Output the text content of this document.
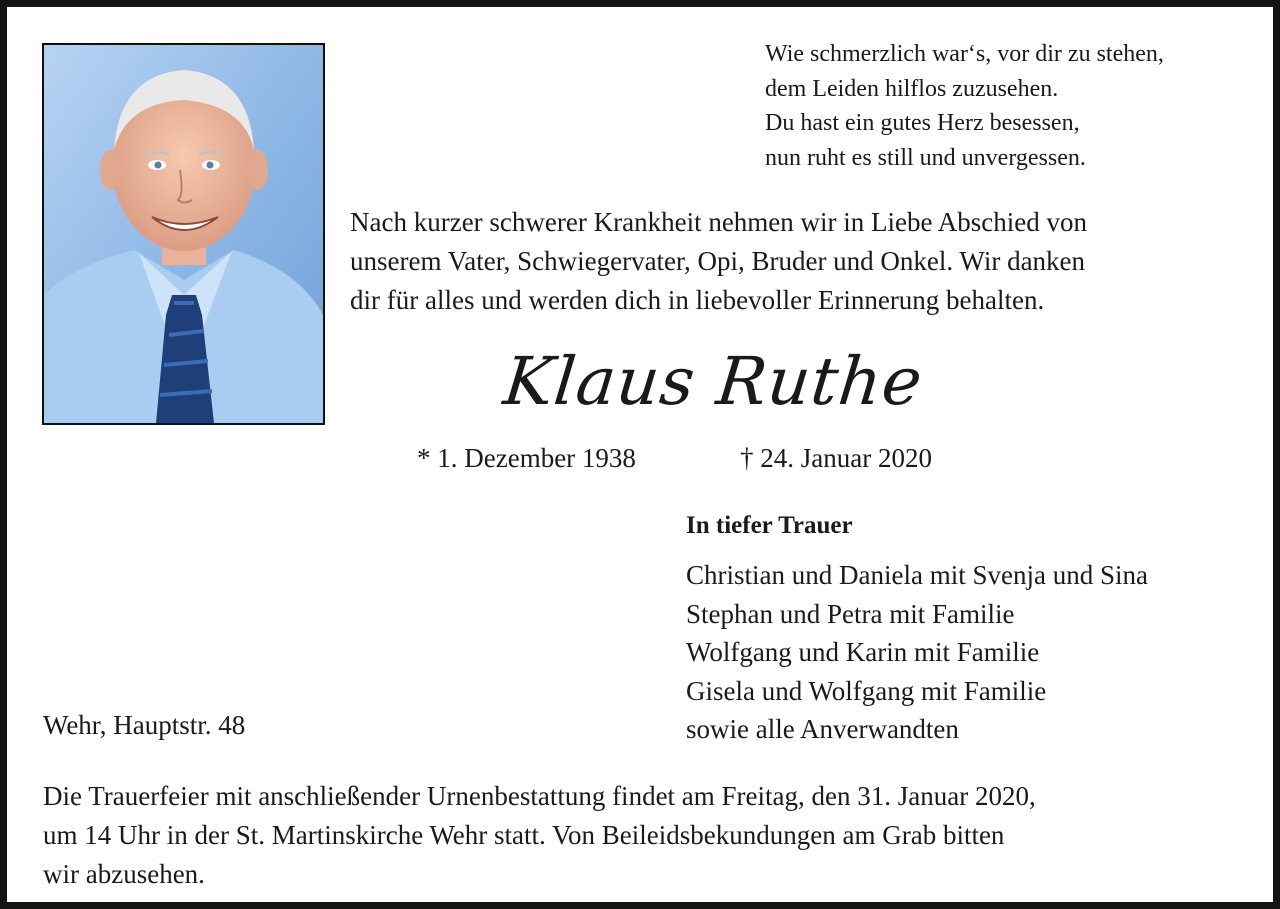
Wie schmerzlich war‘s, vor dir zu stehen,
dem Leiden hilflos zuzusehen.
Du hast ein gutes Herz besessen,
nun ruht es still und unvergessen.
Nach kurzer schwerer Krankheit nehmen wir in Liebe Abschied von
unserem Vater, Schwiegervater, Opi, Bruder und Onkel. Wir danken
dir für alles und werden dich in liebevoller Erinnerung behalten.
Klaus Ruthe
* 1. Dezember 1938	† 24. Januar 2020
In tiefer Trauer
Christian und Daniela mit Svenja und Sina
Stephan und Petra mit Familie
Wolfgang und Karin mit Familie
Gisela und Wolfgang mit Familie
sowie alle Anverwandten
Wehr, Hauptstr. 48
Die Trauerfeier mit anschließender Urnenbestattung findet am Freitag, den 31. Januar 2020,
um 14 Uhr in der St. Martinskirche Wehr statt. Von Beileidsbekundungen am Grab bitten
wir abzusehen.
